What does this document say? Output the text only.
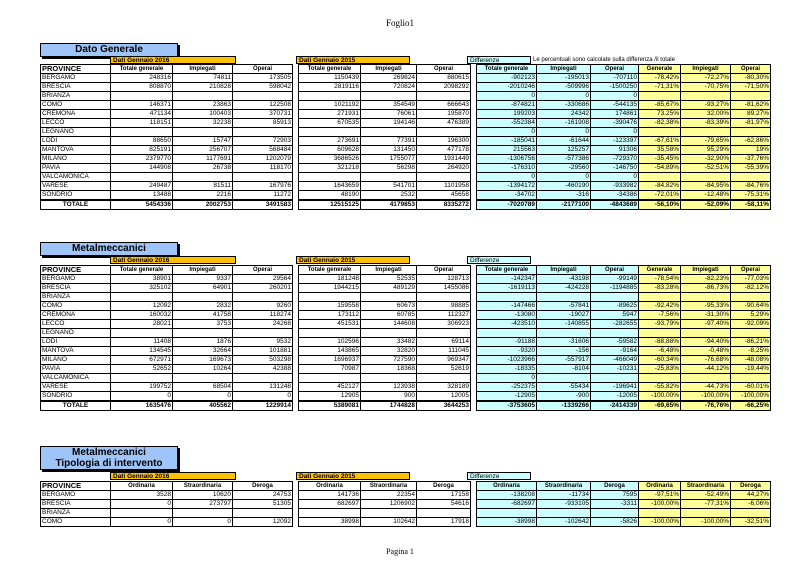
Foglio1
Dato Generale
Dati Gennaio 2016	Dati Gennaio 2015	Differenze	Le percentuali sono calcolate sulla differenza /il totale
PROVINCE	Totale generale	Impiegati	Operai		Totale generale	Impiegati	Operai		Totale generale	Impiegati	Operai	Generale	Impiegati	Operai
BERGAMO	248316	74811	173505		1150439	269824	880615		-902123	-195013	-707110	-78,42%	-72,27%	-80,30%
BRESCIA	808870	210828	598042		2819116	720824	2098292		-2010246	-509996	-1500250	-71,31%	-70,75%	-71,50%
BRIANZA									0	0	0			
COMO	146371	23863	122508		1021192	354549	666643		-874821	-330686	-544135	-85,67%	-93,27%	-81,62%
CREMONA	471134	100403	370731		271931	76061	195870		199203	24342	174861	73,25%	32,00%	89,27%
LECCO	118151	32238	85913		670535	194146	476389		-552384	-161908	-390476	-82,38%	-83,39%	-81,97%
LEGNANO									0	0	0			
LODI	88650	15747	72903		273691	77391	196300		-185041	-61644	-123397	-67,61%	-79,65%	-62,86%
MANTOVA	825191	256707	568484		609628	131450	477178		215563	125257	91306	35,58%	95,29%	19%
MILANO	2379770	1177691	1202079		3686526	1755077	1931449		-1306756	-577386	-729370	-35,45%	-32,90%	-37,76%
PAVIA	144908	26738	118170		321218	56298	264920		-176310	-29560	-146750	-54,89%	-52,51%	-55,39%
VALCAMONICA									0	0	0			
VARESE	249487	81511	167976		1643659	541701	1101958		-1394172	-460190	-933982	-84,82%	-84,95%	-84,76%
SONDRIO	13488	2216	11272		48190	2532	45658		-34702	-316	-34386	-72,01%	-12,48%	-75,31%
TOTALE	5454336	2002753	3491583		12515125	4179853	8335272		-7020789	-2177100	-4843689	-56,10%	-52,09%	-58,11%
Metalmeccanici
Dati Gennaio 2016	Dati Gennaio 2015	Differenze
PROVINCE	Totale generale	Impiegati	Operai		Totale generale	Impiegati	Operai		Totale generale	Impiegati	Operai	Generale	Impiegati	Operai
BERGAMO	38901	9337	29564		181248	52535	128713		-142347	-43198	-99149	-78,54%	-82,23%	-77,03%
BRESCIA	325102	64901	260201		1944215	489129	1455086		-1619113	-424228	-1194885	-83,28%	-86,73%	-82,12%
BRIANZA														
COMO	12092	2832	9260		159558	60673	98885		-147466	-57841	-89625	-92,42%	-95,33%	-90,64%
CREMONA	160032	41758	118274		173112	60785	112327		-13080	-19027	5947	-7,56%	-31,30%	5,29%
LECCO	28021	3753	24268		451531	144608	306923		-423510	-140855	-282655	-93,79%	-97,40%	-92,09%
LEGNANO														
LODI	11408	1876	9532		102596	33482	69114		-91188	-31606	-59582	-88,88%	-94,40%	-86,21%
MANTOVA	134545	32664	101881		143865	32820	111045		-9320	-156	-9164	-6,48%	-0,48%	-8,25%
MILANO	672971	169673	503298		1696937	727590	969347		-1023966	-557917	-466049	-60,34%	-76,68%	-48,08%
PAVIA	52652	10264	42388		70987	18368	52619		-18335	-8104	-10231	-25,83%	-44,12%	-19,44%
VALCAMONICA									0					
VARESE	199752	68504	131248		452127	123938	328189		-252375	-55434	-196941	-55,82%	-44,73%	-60,01%
SONDRIO	0	0	0		12905	900	12005		-12905	-900	-12005	-100,00%	-100,00%	-100,00%
TOTALE	1635476	405562	1229914		5389081	1744828	3644253		-3753605	-1339266	-2414339	-69,65%	-76,76%	-66,25%
Metalmeccanici
Tipologia di intervento
Dati Gennaio 2016	Dati Gennaio 2015	Differenze
PROVINCE	Ordinaria	Straordinaria	Deroga		Ordinaria	Straordinaria	Deroga		Ordinaria	Straordinaria	Deroga	Ordinaria	Straordinaria	Deroga
BERGAMO	3528	10620	24753		141736	22354	17158		-138208	-11734	7595	-97,51%	-52,49%	44,27%
BRESCIA	0	273797	51305		682697	1206902	54616		-682697	-933105	-3311	-100,00%	-77,31%	-6,06%
BRIANZA														
COMO	0	0	12092		38998	102642	17918		-38998	-102642	-5826	-100,00%	-100,00%	-32,51%
Pagina 1
